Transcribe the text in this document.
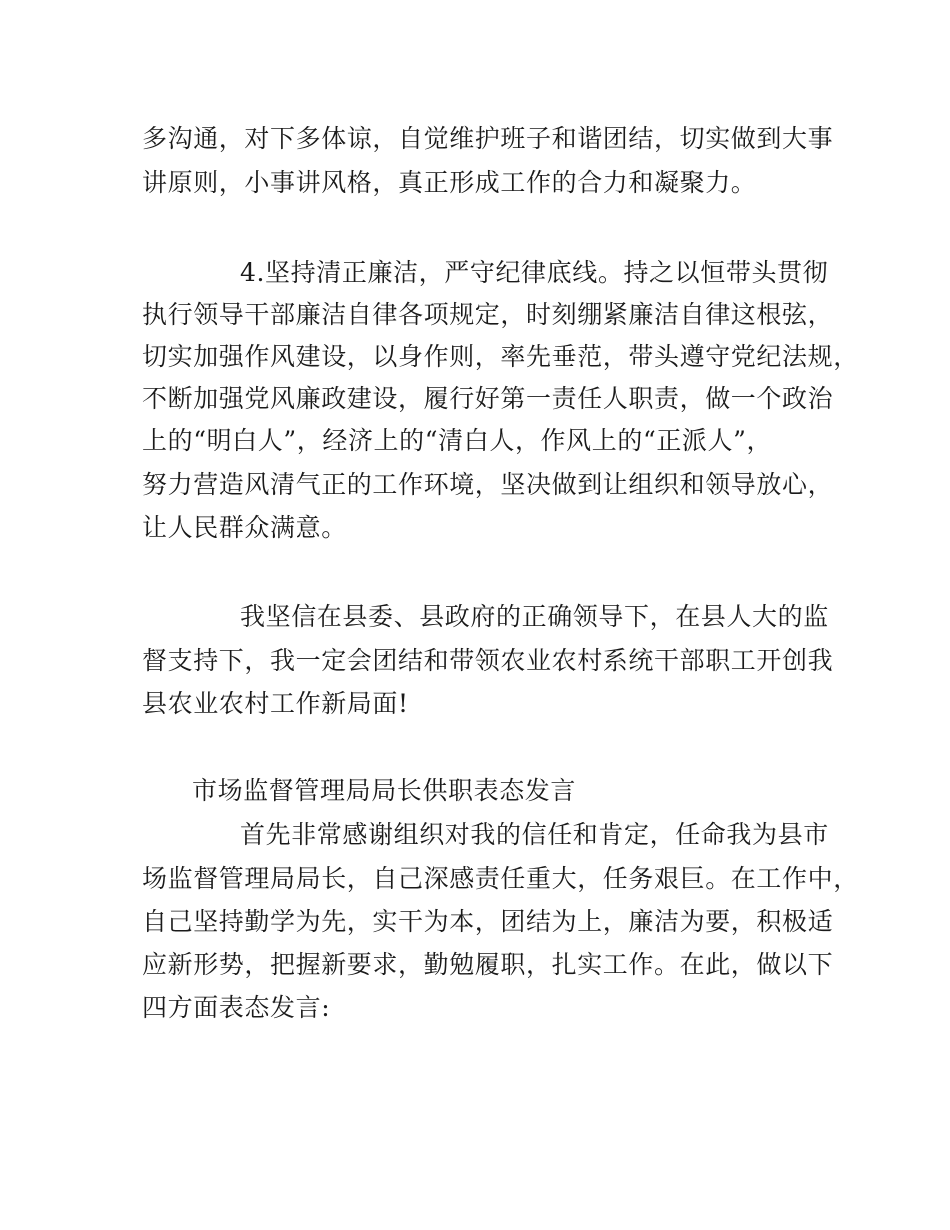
多沟通，对下多体谅，自觉维护班子和谐团结，切实做到大事
讲原则，小事讲风格，真正形成工作的合力和凝聚力。
4.坚持清正廉洁，严守纪律底线。持之以恒带头贯彻
执行领导干部廉洁自律各项规定，时刻绷紧廉洁自律这根弦，
切实加强作风建设，以身作则，率先垂范，带头遵守党纪法规，
不断加强党风廉政建设，履行好第一责任人职责，做一个政治
上的“明白人”，经济上的“清白人，作风上的“正派人”，
努力营造风清气正的工作环境，坚决做到让组织和领导放心，
让人民群众满意。
我坚信在县委、县政府的正确领导下，在县人大的监
督支持下，我一定会团结和带领农业农村系统干部职工开创我
县农业农村工作新局面!
市场监督管理局局长供职表态发言
首先非常感谢组织对我的信任和肯定，任命我为县市
场监督管理局局长，自己深感责任重大，任务艰巨。在工作中，
自己坚持勤学为先，实干为本，团结为上，廉洁为要，积极适
应新形势，把握新要求，勤勉履职，扎实工作。在此，做以下
四方面表态发言:
